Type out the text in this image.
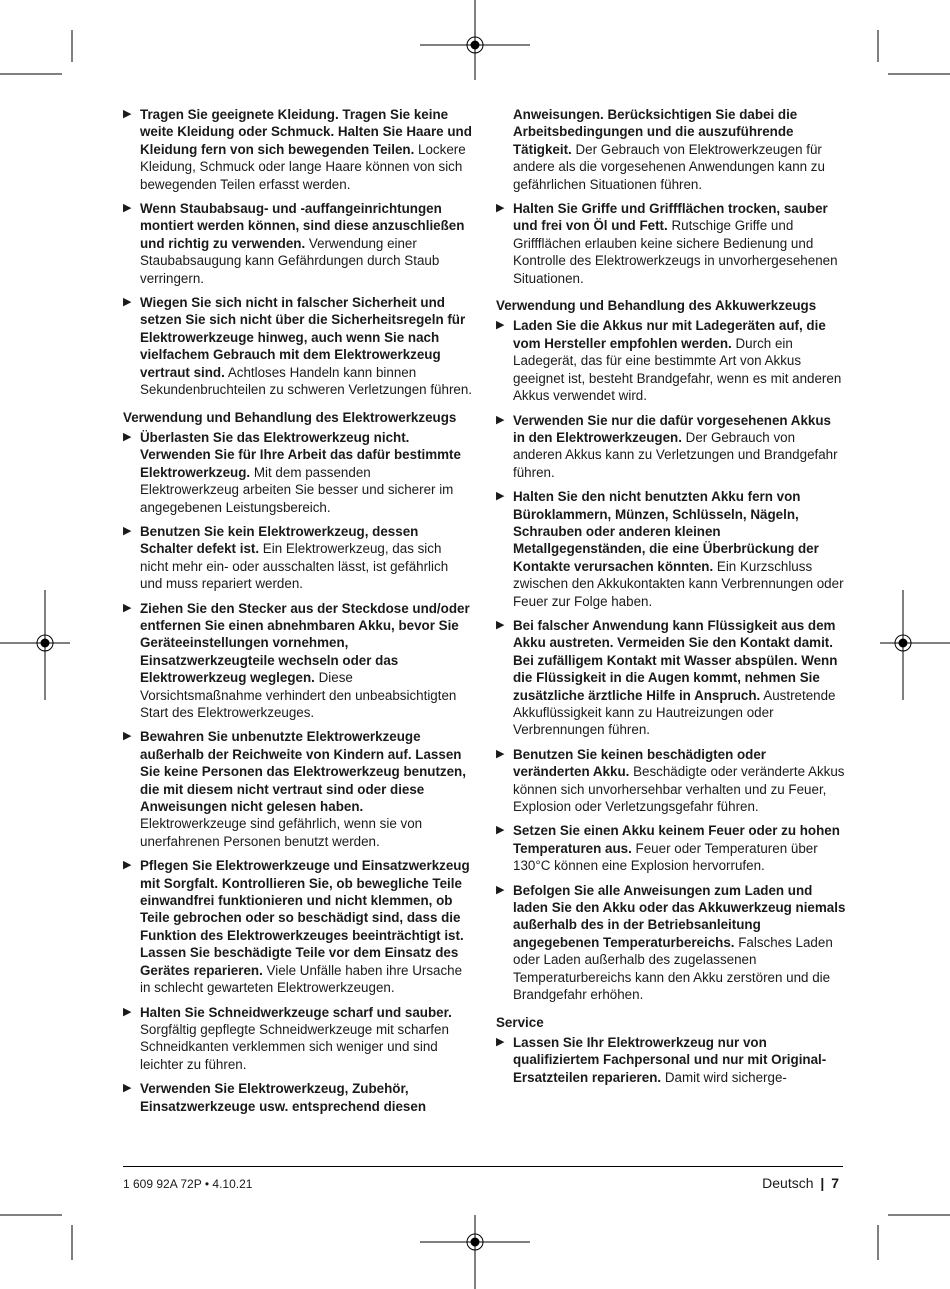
▶ Tragen Sie geeignete Kleidung. Tragen Sie keine weite Kleidung oder Schmuck. Halten Sie Haare und Kleidung fern von sich bewegenden Teilen. Lockere Kleidung, Schmuck oder lange Haare können von sich bewegenden Teilen erfasst werden.
▶ Wenn Staubabsaug- und -auffangeinrichtungen montiert werden können, sind diese anzuschließen und richtig zu verwenden. Verwendung einer Staubabsaugung kann Gefährdungen durch Staub verringern.
▶ Wiegen Sie sich nicht in falscher Sicherheit und setzen Sie sich nicht über die Sicherheitsregeln für Elektrowerkzeuge hinweg, auch wenn Sie nach vielfachem Gebrauch mit dem Elektrowerkzeug vertraut sind. Achtloses Handeln kann binnen Sekundenbruchteilen zu schweren Verletzungen führen.
Verwendung und Behandlung des Elektrowerkzeugs
▶ Überlasten Sie das Elektrowerkzeug nicht. Verwenden Sie für Ihre Arbeit das dafür bestimmte Elektrowerkzeug. Mit dem passenden Elektrowerkzeug arbeiten Sie besser und sicherer im angegebenen Leistungsbereich.
▶ Benutzen Sie kein Elektrowerkzeug, dessen Schalter defekt ist. Ein Elektrowerkzeug, das sich nicht mehr ein- oder ausschalten lässt, ist gefährlich und muss repariert werden.
▶ Ziehen Sie den Stecker aus der Steckdose und/oder entfernen Sie einen abnehmbaren Akku, bevor Sie Geräteeinstellungen vornehmen, Einsatzwerkzeugteile wechseln oder das Elektrowerkzeug weglegen. Diese Vorsichtsmaßnahme verhindert den unbeabsichtigten Start des Elektrowerkzeuges.
▶ Bewahren Sie unbenutzte Elektrowerkzeuge außerhalb der Reichweite von Kindern auf. Lassen Sie keine Personen das Elektrowerkzeug benutzen, die mit diesem nicht vertraut sind oder diese Anweisungen nicht gelesen haben. Elektrowerkzeuge sind gefährlich, wenn sie von unerfahrenen Personen benutzt werden.
▶ Pflegen Sie Elektrowerkzeuge und Einsatzwerkzeug mit Sorgfalt. Kontrollieren Sie, ob bewegliche Teile einwandfrei funktionieren und nicht klemmen, ob Teile gebrochen oder so beschädigt sind, dass die Funktion des Elektrowerkzeuges beeinträchtigt ist. Lassen Sie beschädigte Teile vor dem Einsatz des Gerätes reparieren. Viele Unfälle haben ihre Ursache in schlecht gewarteten Elektrowerkzeugen.
▶ Halten Sie Schneidwerkzeuge scharf und sauber. Sorgfältig gepflegte Schneidwerkzeuge mit scharfen Schneidkanten verklemmen sich weniger und sind leichter zu führen.
▶ Verwenden Sie Elektrowerkzeug, Zubehör, Einsatzwerkzeuge usw. entsprechend diesen
Anweisungen. Berücksichtigen Sie dabei die Arbeitsbedingungen und die auszuführende Tätigkeit. Der Gebrauch von Elektrowerkzeugen für andere als die vorgesehenen Anwendungen kann zu gefährlichen Situationen führen.
▶ Halten Sie Griffe und Griffflächen trocken, sauber und frei von Öl und Fett. Rutschige Griffe und Griffflächen erlauben keine sichere Bedienung und Kontrolle des Elektrowerkzeugs in unvorhergesehenen Situationen.
Verwendung und Behandlung des Akkuwerkzeugs
▶ Laden Sie die Akkus nur mit Ladegeräten auf, die vom Hersteller empfohlen werden. Durch ein Ladegerät, das für eine bestimmte Art von Akkus geeignet ist, besteht Brandgefahr, wenn es mit anderen Akkus verwendet wird.
▶ Verwenden Sie nur die dafür vorgesehenen Akkus in den Elektrowerkzeugen. Der Gebrauch von anderen Akkus kann zu Verletzungen und Brandgefahr führen.
▶ Halten Sie den nicht benutzten Akku fern von Büroklammern, Münzen, Schlüsseln, Nägeln, Schrauben oder anderen kleinen Metallgegenständen, die eine Überbrückung der Kontakte verursachen könnten. Ein Kurzschluss zwischen den Akkukontakten kann Verbrennungen oder Feuer zur Folge haben.
▶ Bei falscher Anwendung kann Flüssigkeit aus dem Akku austreten. Vermeiden Sie den Kontakt damit. Bei zufälligem Kontakt mit Wasser abspülen. Wenn die Flüssigkeit in die Augen kommt, nehmen Sie zusätzliche ärztliche Hilfe in Anspruch. Austretende Akkuflüssigkeit kann zu Hautreizungen oder Verbrennungen führen.
▶ Benutzen Sie keinen beschädigten oder veränderten Akku. Beschädigte oder veränderte Akkus können sich unvorhersehbar verhalten und zu Feuer, Explosion oder Verletzungsgefahr führen.
▶ Setzen Sie einen Akku keinem Feuer oder zu hohen Temperaturen aus. Feuer oder Temperaturen über 130°C können eine Explosion hervorrufen.
▶ Befolgen Sie alle Anweisungen zum Laden und laden Sie den Akku oder das Akkuwerkzeug niemals außerhalb des in der Betriebsanleitung angegebenen Temperaturbereichs. Falsches Laden oder Laden außerhalb des zugelassenen Temperaturbereichs kann den Akku zerstören und die Brandgefahr erhöhen.
Service
▶ Lassen Sie Ihr Elektrowerkzeug nur von qualifiziertem Fachpersonal und nur mit Original-Ersatzteilen reparieren. Damit wird sicherge-
1 609 92A 72P • 4.10.21	Deutsch | 7
